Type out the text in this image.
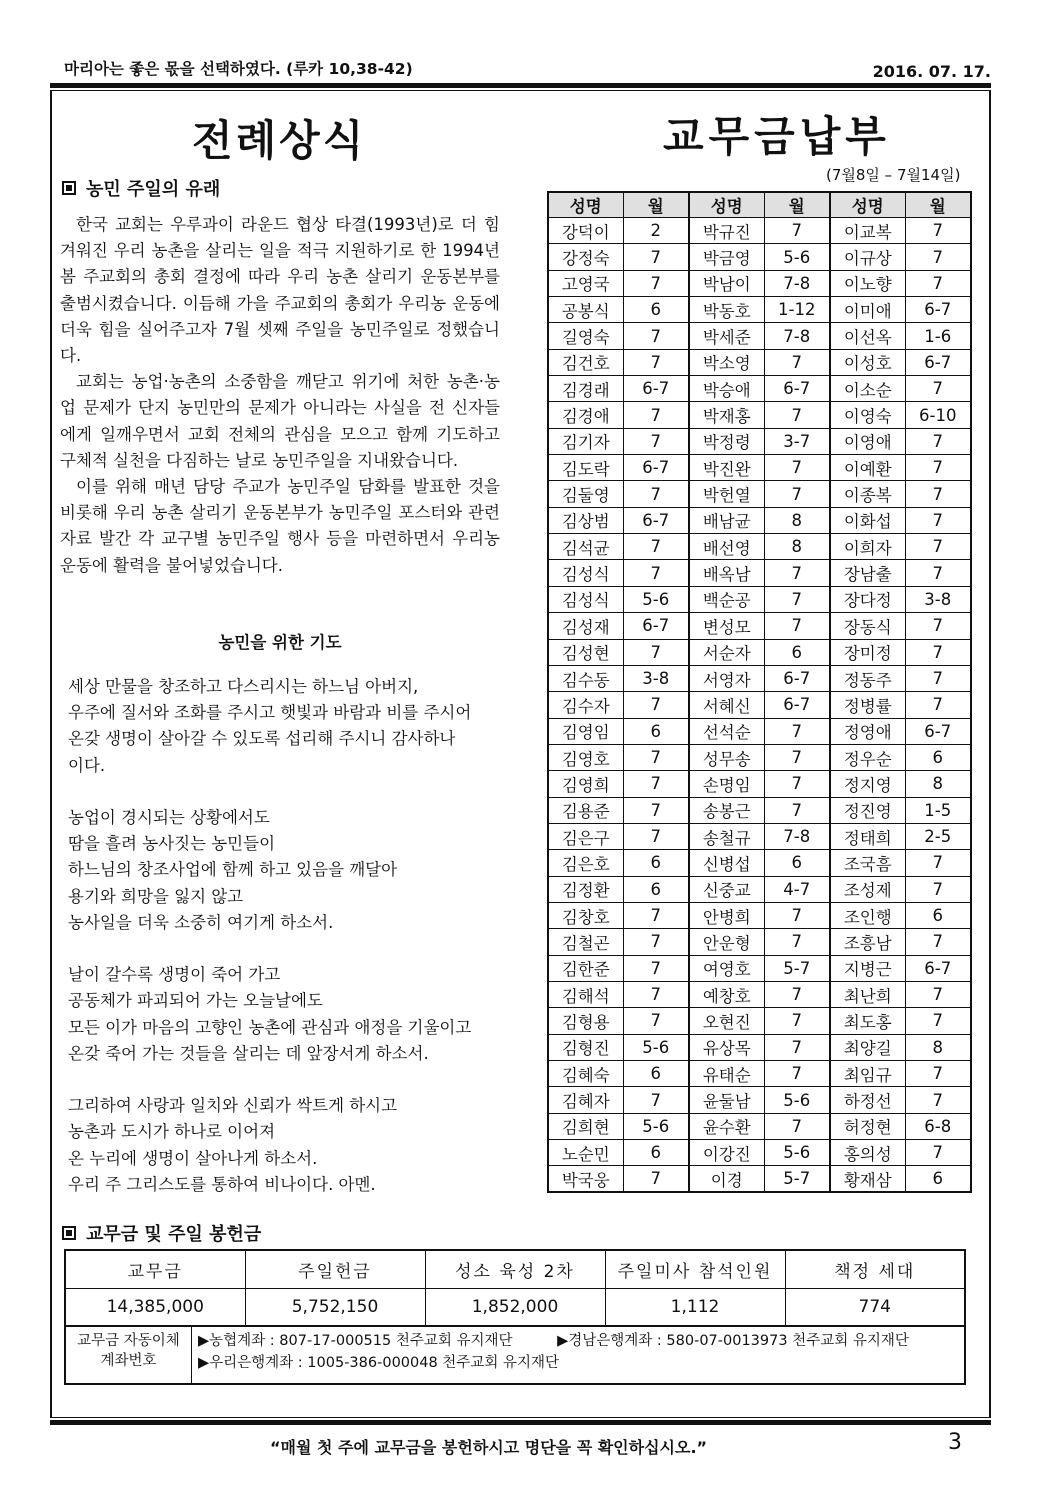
마리아는 좋은 몫을 선택하였다. (루카 10,38-42)	2016. 07. 17.
전례상식	교무금납부
(7월8일 – 7월14일)
농민 주일의 유래

한국 교회는 우루과이 라운드 협상 타결(1993년)로 더 힘겨워진 우리 농촌을 살리는 일을 적극 지원하기로 한 1994년 봄 주교회의 총회 결정에 따라 우리 농촌 살리기 운동본부를 출범시켰습니다. 이듬해 가을 주교회의 총회가 우리농 운동에 더욱 힘을 실어주고자 7월 셋째 주일을 농민주일로 정했습니다.

교회는 농업·농촌의 소중함을 깨닫고 위기에 처한 농촌·농업 문제가 단지 농민만의 문제가 아니라는 사실을 전 신자들에게 일깨우면서 교회 전체의 관심을 모으고 함께 기도하고 구체적 실천을 다짐하는 날로 농민주일을 지내왔습니다.

이를 위해 매년 담당 주교가 농민주일 담화를 발표한 것을 비롯해 우리 농촌 살리기 운동본부가 농민주일 포스터와 관련 자료 발간 각 교구별 농민주일 행사 등을 마련하면서 우리농 운동에 활력을 불어넣었습니다.

농민을 위한 기도
세상 만물을 창조하고 다스리시는 하느님 아버지,
우주에 질서와 조화를 주시고 햇빛과 바람과 비를 주시어
온갖 생명이 살아갈 수 있도록 섭리해 주시니 감사하나
이다.
농업이 경시되는 상황에서도
땀을 흘려 농사짓는 농민들이
하느님의 창조사업에 함께 하고 있음을 깨달아
용기와 희망을 잃지 않고
농사일을 더욱 소중히 여기게 하소서.
날이 갈수록 생명이 죽어 가고
공동체가 파괴되어 가는 오늘날에도
모든 이가 마음의 고향인 농촌에 관심과 애정을 기울이고
온갖 죽어 가는 것들을 살리는 데 앞장서게 하소서.
그리하여 사랑과 일치와 신뢰가 싹트게 하시고
농촌과 도시가 하나로 이어져
온 누리에 생명이 살아나게 하소서.
우리 주 그리스도를 통하여 비나이다. 아멘.
성명	월	성명	월	성명	월
강덕이	2	박규진	7	이교복	7
강정숙	7	박금영	5-6	이규상	7
고영국	7	박남이	7-8	이노향	7
공봉식	6	박동호	1-12	이미애	6-7
길영숙	7	박세준	7-8	이선옥	1-6
김건호	7	박소영	7	이성호	6-7
김경래	6-7	박승애	6-7	이소순	7
김경애	7	박재홍	7	이영숙	6-10
김기자	7	박정령	3-7	이영애	7
김도락	6-7	박진완	7	이예환	7
김둘영	7	박헌열	7	이종복	7
김상범	6-7	배남균	8	이화섭	7
김석균	7	배선영	8	이희자	7
김성식	7	배옥남	7	장남출	7
김성식	5-6	백순공	7	장다정	3-8
김성재	6-7	변성모	7	장동식	7
김성현	7	서순자	6	장미정	7
김수동	3-8	서영자	6-7	정동주	7
김수자	7	서혜신	6-7	정병률	7
김영임	6	선석순	7	정영애	6-7
김영호	7	성무송	7	정우순	6
김영희	7	손명임	7	정지영	8
김용준	7	송봉근	7	정진영	1-5
김은구	7	송철규	7-8	정태희	2-5
김은호	6	신병섭	6	조국흠	7
김정환	6	신중교	4-7	조성제	7
김창호	7	안병희	7	조인행	6
김철곤	7	안운형	7	조흥남	7
김한준	7	여영호	5-7	지병근	6-7
김해석	7	예창호	7	최난희	7
김형용	7	오현진	7	최도홍	7
김형진	5-6	유상목	7	최양길	8
김혜숙	6	유태순	7	최임규	7
김혜자	7	윤둘남	5-6	하정선	7
김희현	5-6	윤수환	7	허정현	6-8
노순민	6	이강진	5-6	홍의성	7
박국웅	7	이경	5-7	황재삼	6
교무금 및 주일 봉헌금
교무금	주일헌금	성소 육성 2차	주일미사 참석인원	책정 세대
14,385,000	5,752,150	1,852,000	1,112	774
교무금 자동이체
계좌번호
▶농협계좌 : 807-17-000515 천주교회 유지재단	▶경남은행계좌 : 580-07-0013973 천주교회 유지재단
▶우리은행계좌 : 1005-386-000048 천주교회 유지재단
“매월 첫 주에 교무금을 봉헌하시고 명단을 꼭 확인하십시오.”	3
